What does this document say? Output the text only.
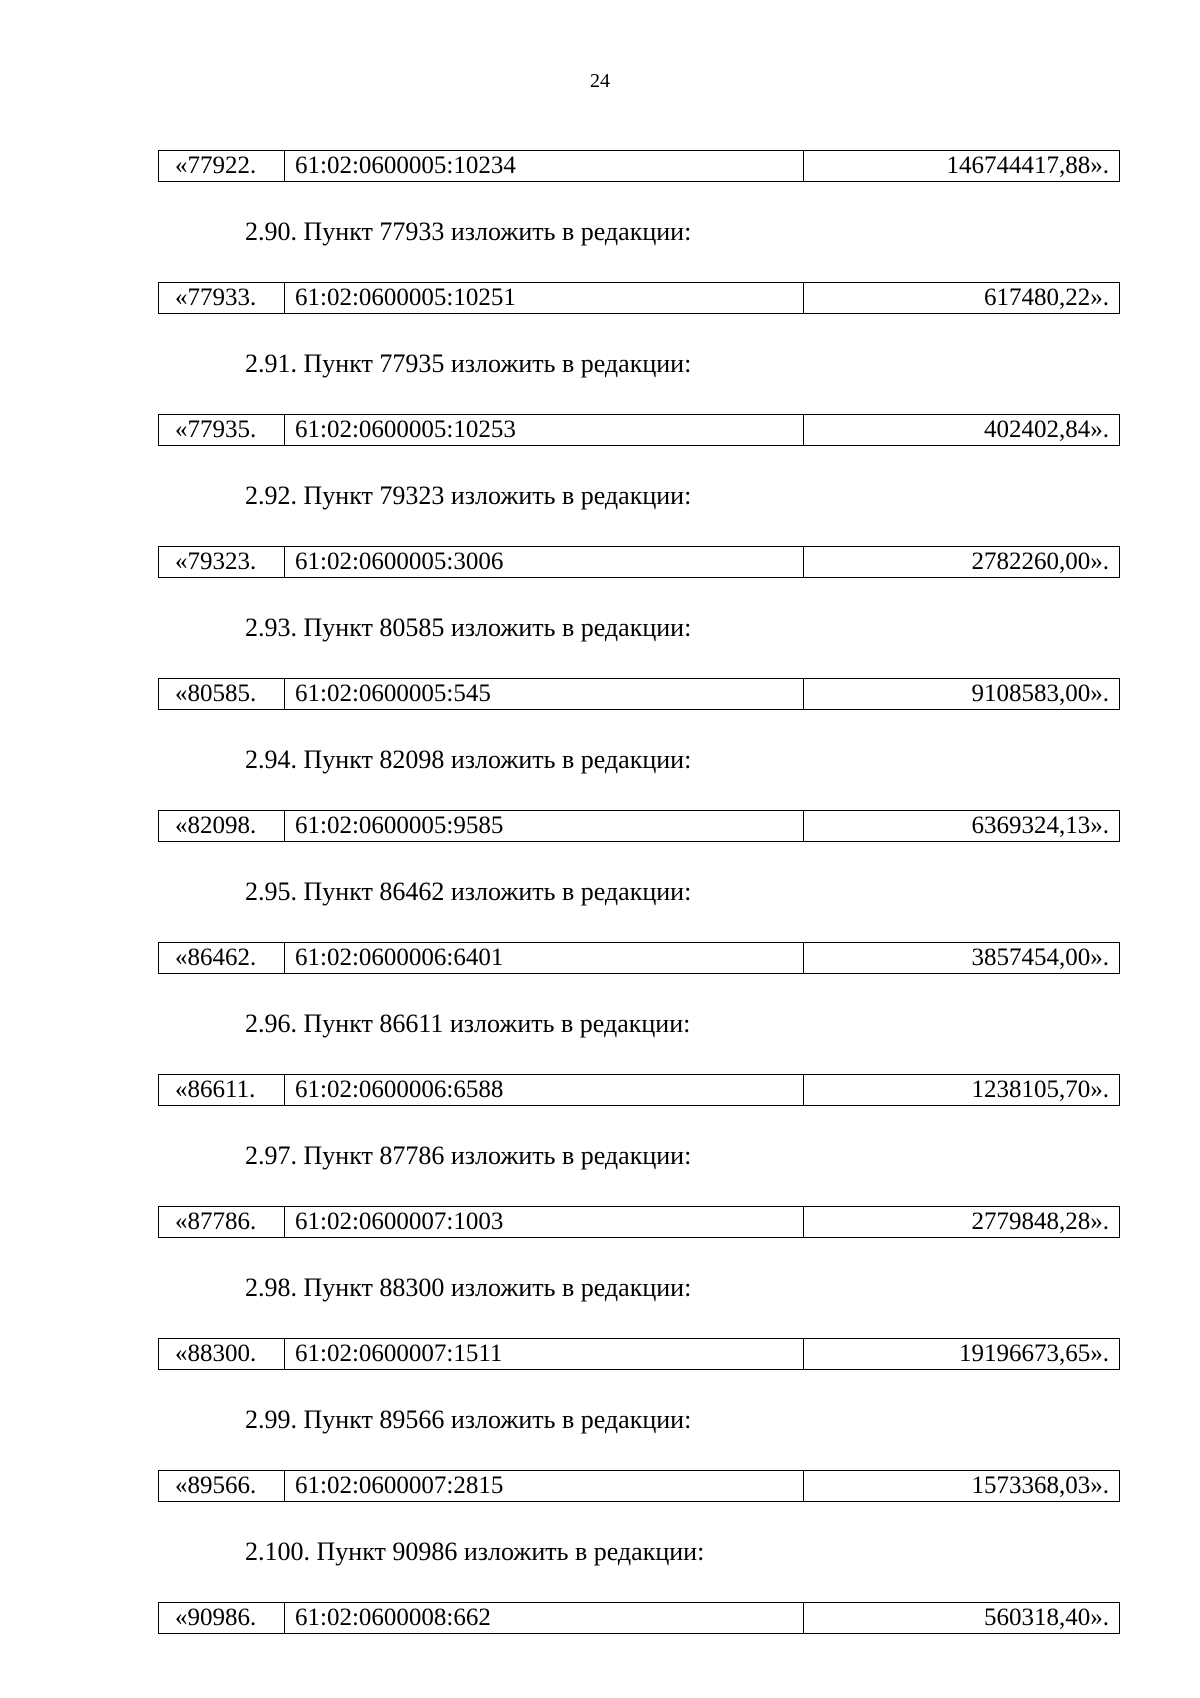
24
«77922.	61:02:0600005:10234	146744417,88».
2.90. Пункт 77933 изложить в редакции:
«77933.	61:02:0600005:10251	617480,22».
2.91. Пункт 77935 изложить в редакции:
«77935.	61:02:0600005:10253	402402,84».
2.92. Пункт 79323 изложить в редакции:
«79323.	61:02:0600005:3006	2782260,00».
2.93. Пункт 80585 изложить в редакции:
«80585.	61:02:0600005:545	9108583,00».
2.94. Пункт 82098 изложить в редакции:
«82098.	61:02:0600005:9585	6369324,13».
2.95. Пункт 86462 изложить в редакции:
«86462.	61:02:0600006:6401	3857454,00».
2.96. Пункт 86611 изложить в редакции:
«86611.	61:02:0600006:6588	1238105,70».
2.97. Пункт 87786 изложить в редакции:
«87786.	61:02:0600007:1003	2779848,28».
2.98. Пункт 88300 изложить в редакции:
«88300.	61:02:0600007:1511	19196673,65».
2.99. Пункт 89566 изложить в редакции:
«89566.	61:02:0600007:2815	1573368,03».
2.100. Пункт 90986 изложить в редакции:
«90986.	61:02:0600008:662	560318,40».
